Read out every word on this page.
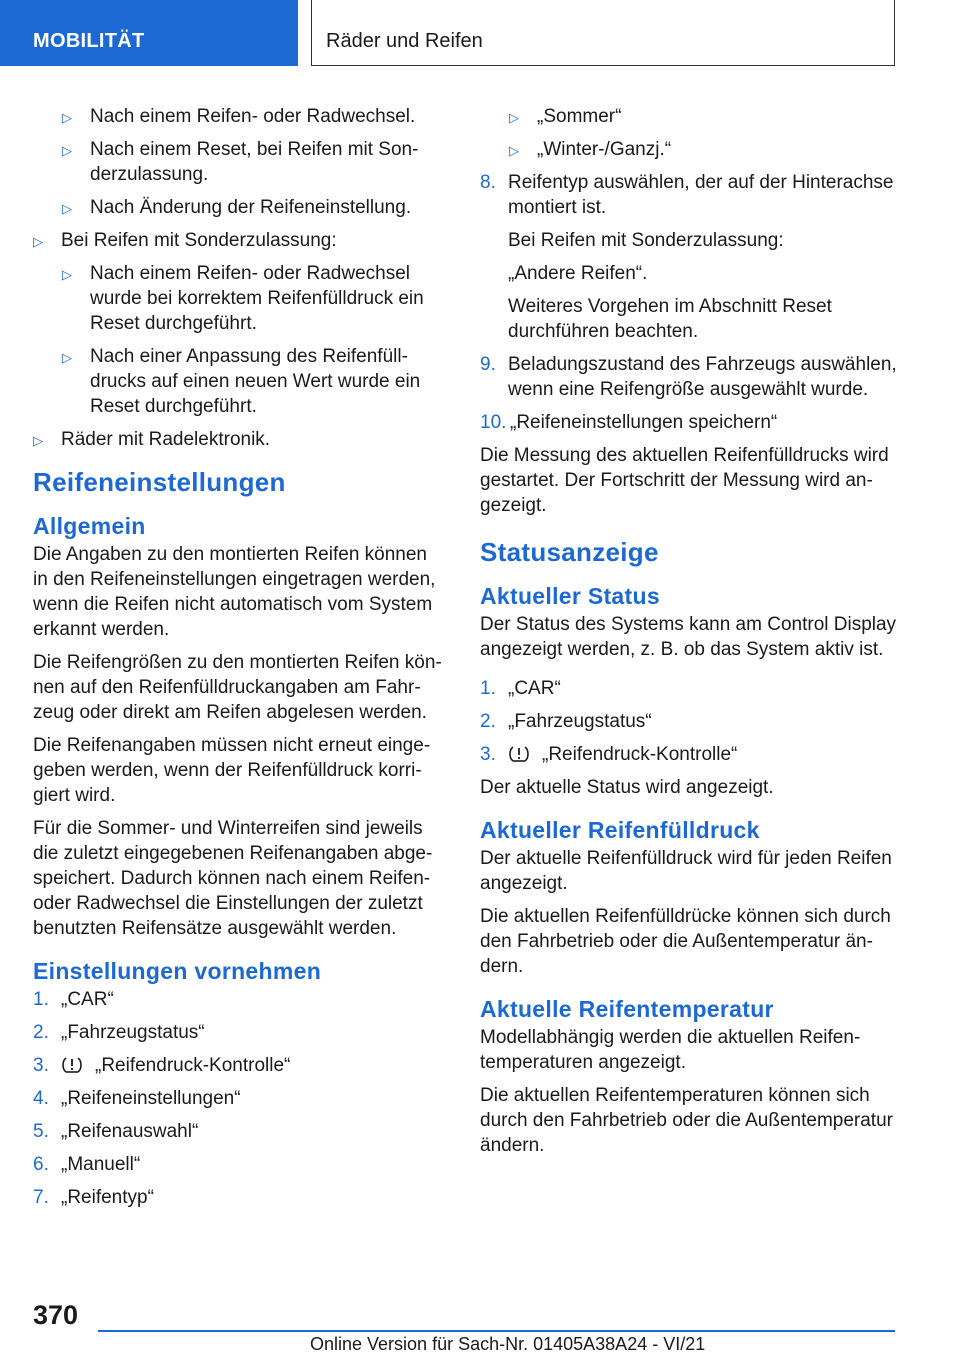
MOBILITÄT	Räder und Reifen
▷ Nach einem Reifen- oder Radwechsel.
▷ Nach einem Reset, bei Reifen mit Sonderzulassung.
▷ Nach Änderung der Reifeneinstellung.
▷ Bei Reifen mit Sonderzulassung:
▷ Nach einem Reifen- oder Radwechsel wurde bei korrektem Reifenfülldruck ein Reset durchgeführt.
▷ Nach einer Anpassung des Reifenfülldrucks auf einen neuen Wert wurde ein Reset durchgeführt.
▷ Räder mit Radelektronik.
Reifeneinstellungen
Allgemein

Die Angaben zu den montierten Reifen können in den Reifeneinstellungen eingetragen werden, wenn die Reifen nicht automatisch vom System erkannt werden.

Die Reifengrößen zu den montierten Reifen können auf den Reifenfülldruckangaben am Fahrzeug oder direkt am Reifen abgelesen werden.

Die Reifenangaben müssen nicht erneut eingegeben werden, wenn der Reifenfülldruck korrigiert wird.

Für die Sommer- und Winterreifen sind jeweils die zuletzt eingegebenen Reifenangaben abgespeichert. Dadurch können nach einem Reifen- oder Radwechsel die Einstellungen der zuletzt benutzten Reifensätze ausgewählt werden.

Einstellungen vornehmen
1. „CAR“
2. „Fahrzeugstatus“
3. „Reifendruck-Kontrolle“
4. „Reifeneinstellungen“
5. „Reifenauswahl“
6. „Manuell“
7. „Reifentyp“
▷ „Sommer“
▷ „Winter-/Ganzj.“
8. Reifentyp auswählen, der auf der Hinterachse montiert ist.
Bei Reifen mit Sonderzulassung:
„Andere Reifen“.
Weiteres Vorgehen im Abschnitt Reset durchführen beachten.
9. Beladungszustand des Fahrzeugs auswählen, wenn eine Reifengröße ausgewählt wurde.
10. „Reifeneinstellungen speichern“

Die Messung des aktuellen Reifenfülldrucks wird gestartet. Der Fortschritt der Messung wird angezeigt.

Statusanzeige
Aktueller Status

Der Status des Systems kann am Control Display angezeigt werden, z. B. ob das System aktiv ist.

1. „CAR“
2. „Fahrzeugstatus“
3. „Reifendruck-Kontrolle“

Der aktuelle Status wird angezeigt.

Aktueller Reifenfülldruck

Der aktuelle Reifenfülldruck wird für jeden Reifen angezeigt.

Die aktuellen Reifenfülldrücke können sich durch den Fahrbetrieb oder die Außentemperatur ändern.

Aktuelle Reifentemperatur

Modellabhängig werden die aktuellen Reifentemperaturen angezeigt.

Die aktuellen Reifentemperaturen können sich durch den Fahrbetrieb oder die Außentemperatur ändern.

370
Online Version für Sach-Nr. 01405A38A24 - VI/21
